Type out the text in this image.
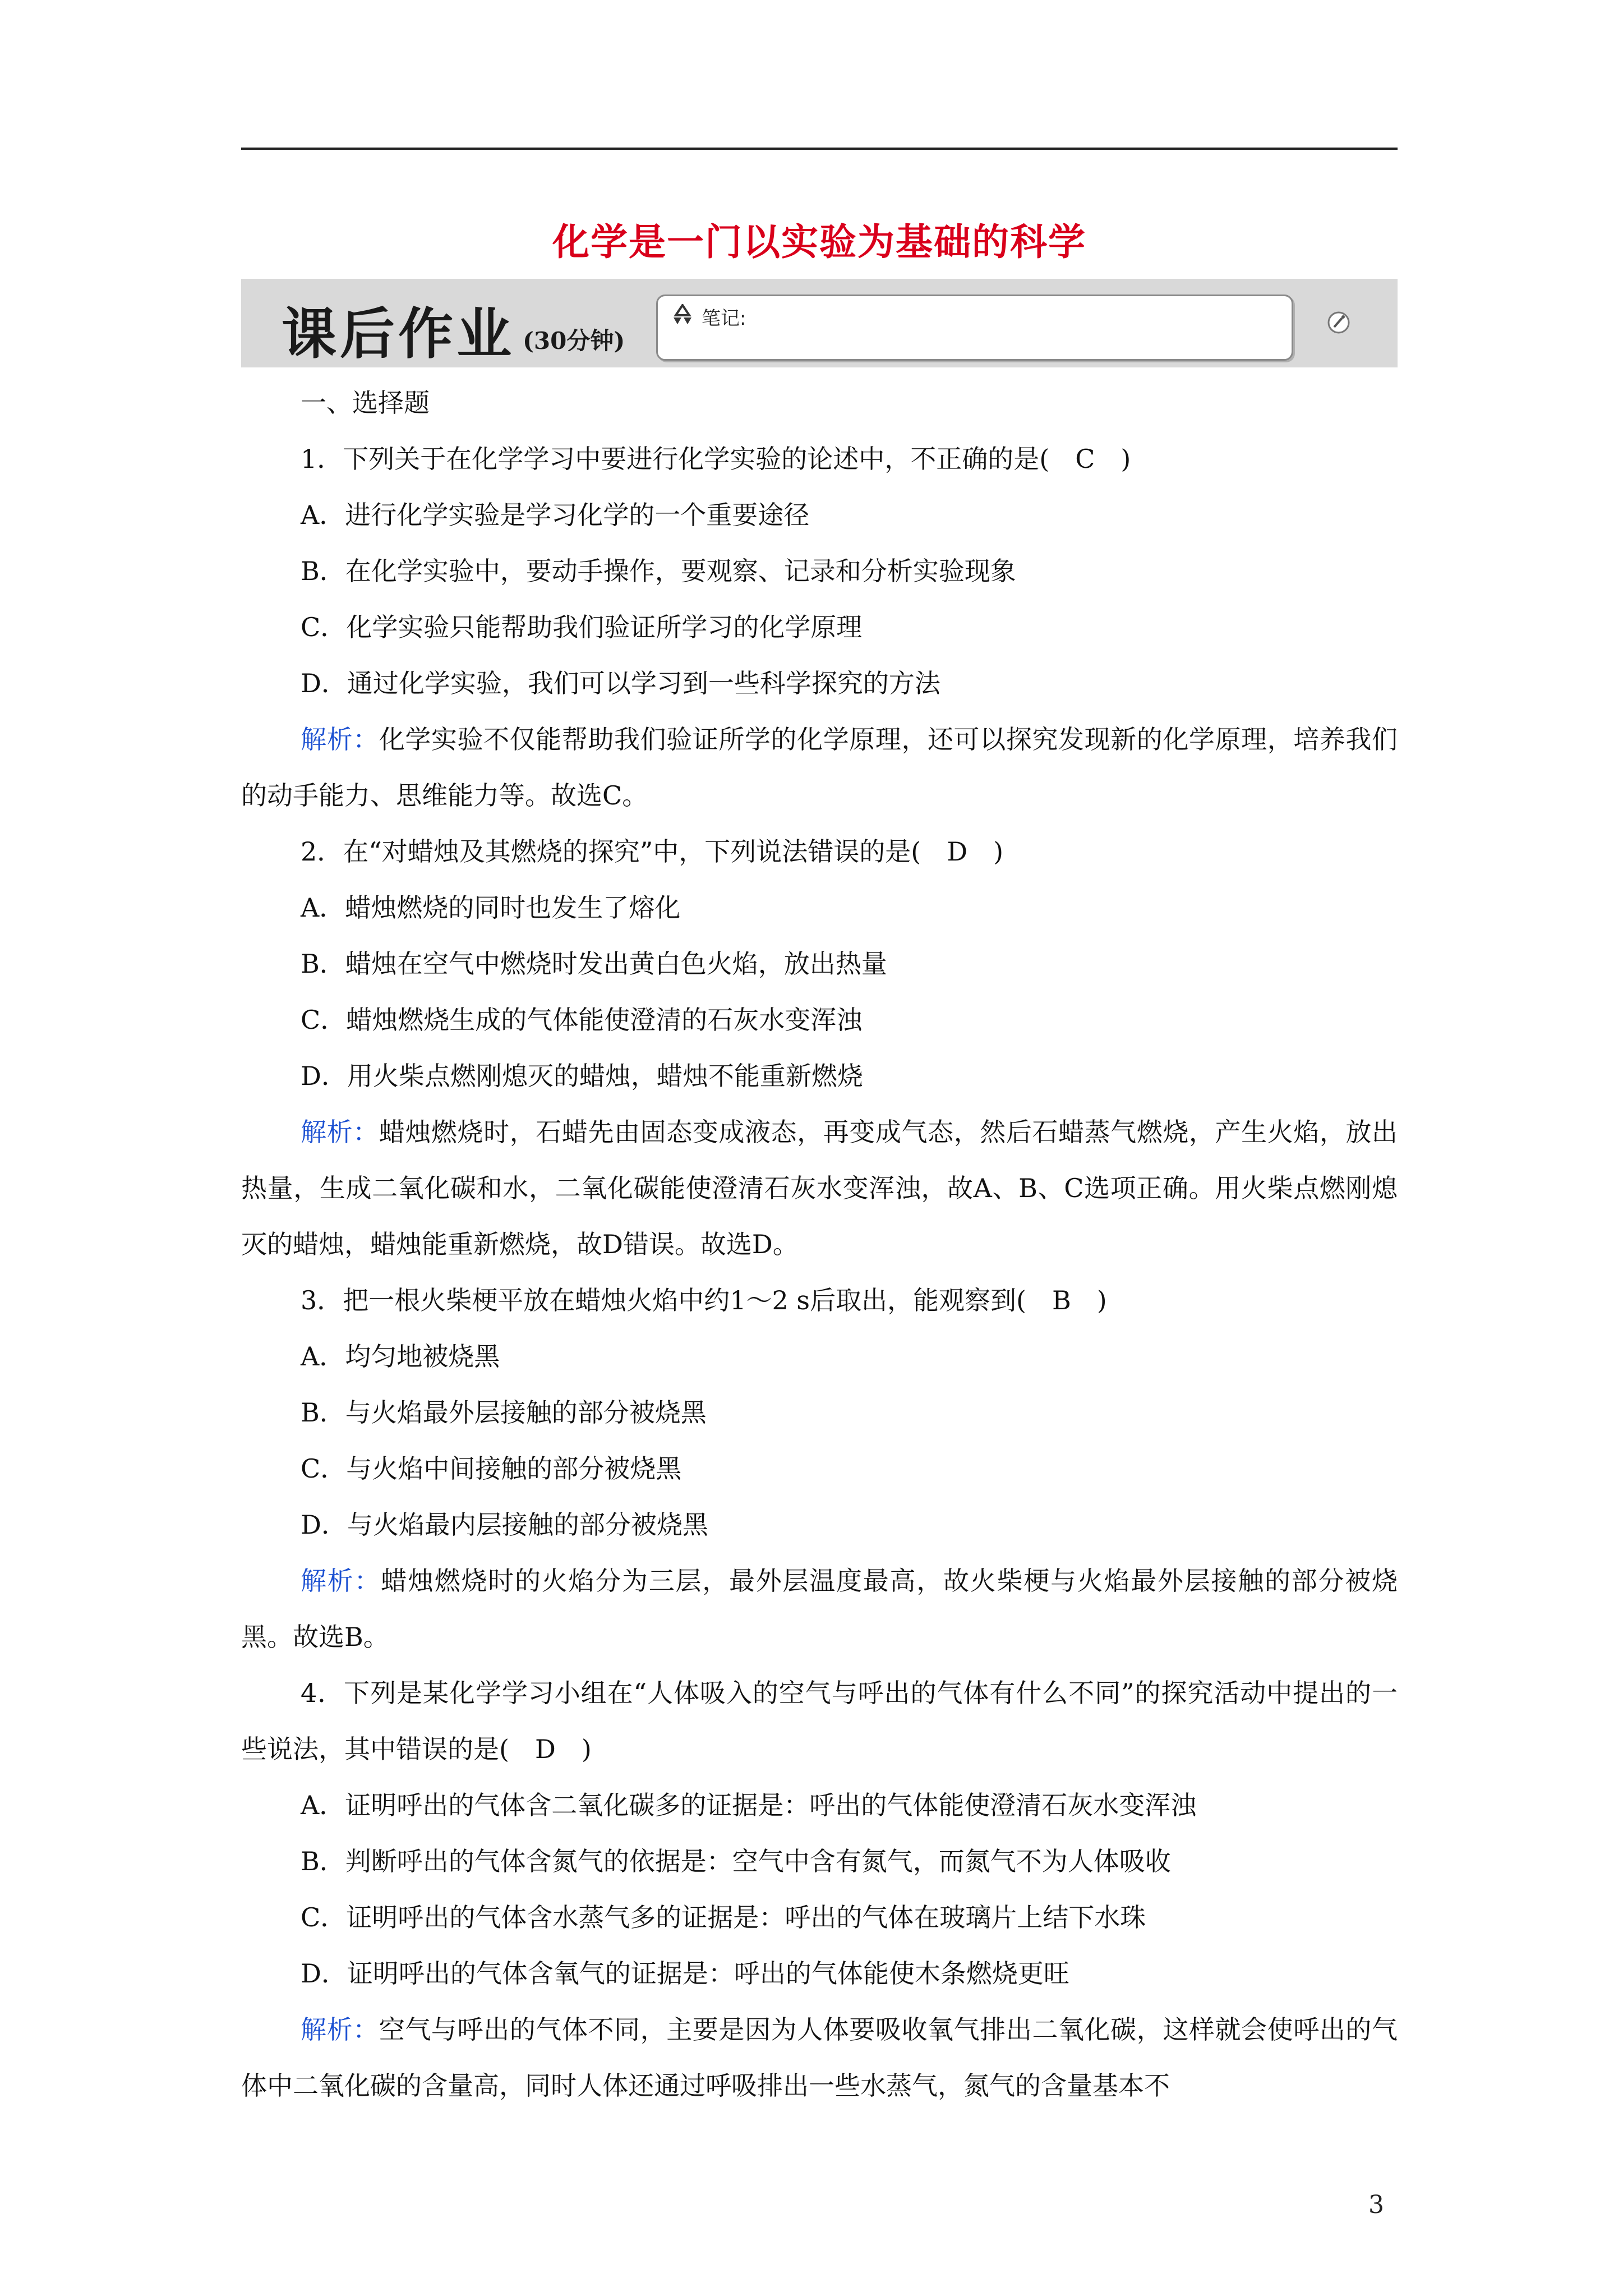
化学是一门以实验为基础的科学
课后作业 (30分钟)
笔记:
一、选择题
1．下列关于在化学学习中要进行化学实验的论述中，不正确的是(　C　)
A．进行化学实验是学习化学的一个重要途径
B．在化学实验中，要动手操作，要观察、记录和分析实验现象
C．化学实验只能帮助我们验证所学习的化学原理
D．通过化学实验，我们可以学习到一些科学探究的方法
解析：化学实验不仅能帮助我们验证所学的化学原理，还可以探究发现新的化学原理，培养我们的动手能力、思维能力等。故选C。
2．在“对蜡烛及其燃烧的探究”中，下列说法错误的是(　D　)
A．蜡烛燃烧的同时也发生了熔化
B．蜡烛在空气中燃烧时发出黄白色火焰，放出热量
C．蜡烛燃烧生成的气体能使澄清的石灰水变浑浊
D．用火柴点燃刚熄灭的蜡烛，蜡烛不能重新燃烧
解析：蜡烛燃烧时，石蜡先由固态变成液态，再变成气态，然后石蜡蒸气燃烧，产生火焰，放出热量，生成二氧化碳和水，二氧化碳能使澄清石灰水变浑浊，故A、B、C选项正确。用火柴点燃刚熄灭的蜡烛，蜡烛能重新燃烧，故D错误。故选D。
3．把一根火柴梗平放在蜡烛火焰中约1～2 s后取出，能观察到(　B　)
A．均匀地被烧黑
B．与火焰最外层接触的部分被烧黑
C．与火焰中间接触的部分被烧黑
D．与火焰最内层接触的部分被烧黑
解析：蜡烛燃烧时的火焰分为三层，最外层温度最高，故火柴梗与火焰最外层接触的部分被烧黑。故选B。
4．下列是某化学学习小组在“人体吸入的空气与呼出的气体有什么不同”的探究活动中提出的一些说法，其中错误的是(　D　)
A．证明呼出的气体含二氧化碳多的证据是：呼出的气体能使澄清石灰水变浑浊
B．判断呼出的气体含氮气的依据是：空气中含有氮气，而氮气不为人体吸收
C．证明呼出的气体含水蒸气多的证据是：呼出的气体在玻璃片上结下水珠
D．证明呼出的气体含氧气的证据是：呼出的气体能使木条燃烧更旺
解析：空气与呼出的气体不同，主要是因为人体要吸收氧气排出二氧化碳，这样就会使呼出的气体中二氧化碳的含量高，同时人体还通过呼吸排出一些水蒸气，氮气的含量基本不
3
